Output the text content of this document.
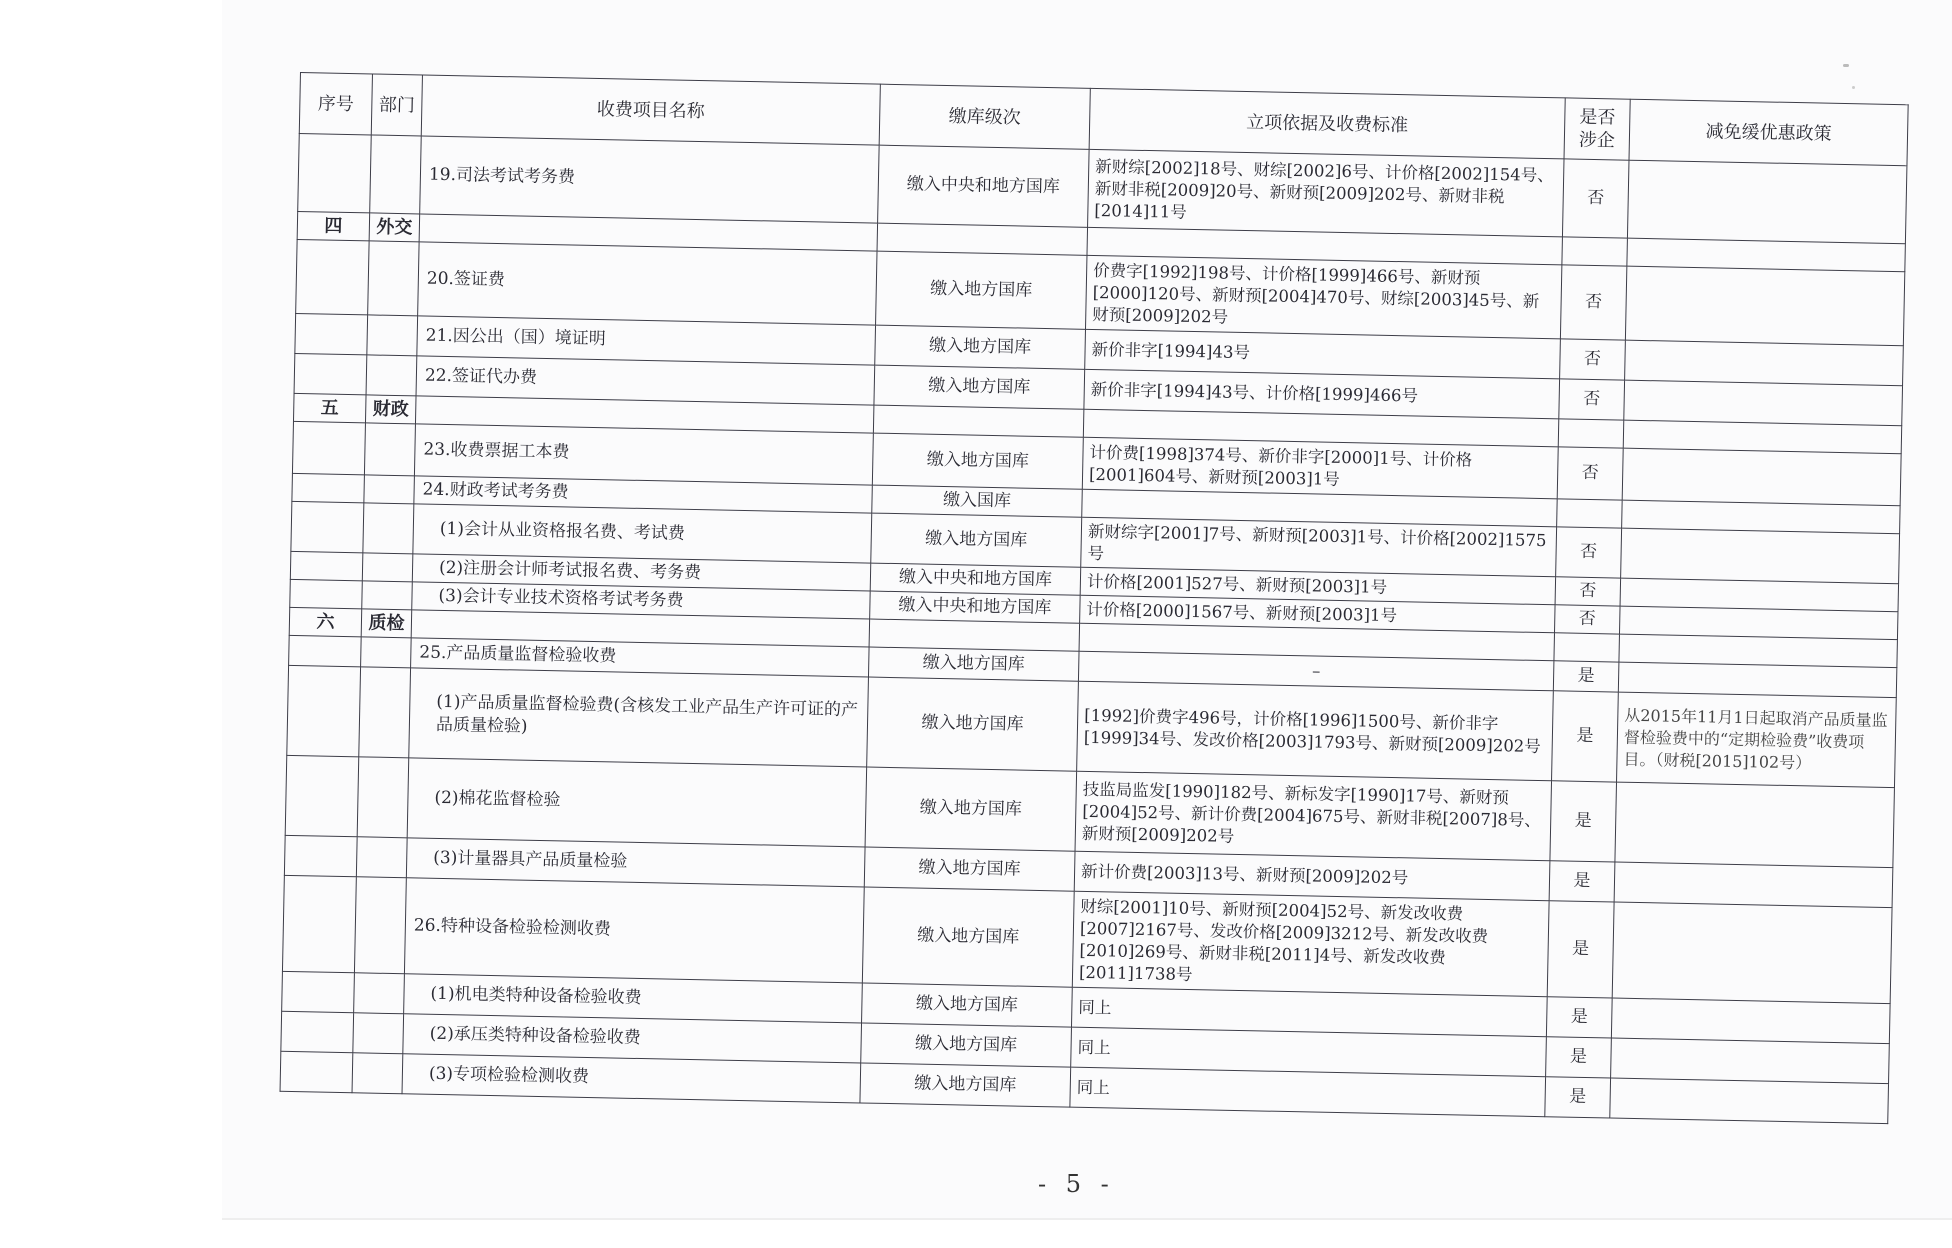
序号	部门	收费项目名称	缴库级次	立项依据及收费标准	是否涉企	减免缓优惠政策
		19.司法考试考务费	缴入中央和地方国库	新财综[2002]18号、财综[2002]6号、计价格[2002]154号、新财非税[2009]20号、新财预[2009]202号、新财非税[2014]11号	否	
四	外交					
		20.签证费	缴入地方国库	价费字[1992]198号、计价格[1999]466号、新财预[2000]120号、新财预[2004]470号、财综[2003]45号、新财预[2009]202号	否	
		21.因公出（国）境证明	缴入地方国库	新价非字[1994]43号	否	
		22.签证代办费	缴入地方国库	新价非字[1994]43号、计价格[1999]466号	否	
五	财政					
		23.收费票据工本费	缴入地方国库	计价费[1998]374号、新价非字[2000]1号、计价格[2001]604号、新财预[2003]1号	否	
		24.财政考试考务费	缴入国库			
		(1)会计从业资格报名费、考试费	缴入地方国库	新财综字[2001]7号、新财预[2003]1号、计价格[2002]1575号	否	
		(2)注册会计师考试报名费、考务费	缴入中央和地方国库	计价格[2001]527号、新财预[2003]1号	否	
		(3)会计专业技术资格考试考务费	缴入中央和地方国库	计价格[2000]1567号、新财预[2003]1号	否	
六	质检					
		25.产品质量监督检验收费	缴入地方国库	–	是	
		(1)产品质量监督检验费(含核发工业产品生产许可证的产品质量检验)	缴入地方国库	[1992]价费字496号，计价格[1996]1500号、新价非字[1999]34号、发改价格[2003]1793号、新财预[2009]202号	是	从2015年11月1日起取消产品质量监督检验费中的“定期检验费”收费项目。（财税[2015]102号）
		(2)棉花监督检验	缴入地方国库	技监局监发[1990]182号、新标发字[1990]17号、新财预[2004]52号、新计价费[2004]675号、新财非税[2007]8号、新财预[2009]202号	是	
		(3)计量器具产品质量检验	缴入地方国库	新计价费[2003]13号、新财预[2009]202号	是	
		26.特种设备检验检测收费	缴入地方国库	财综[2001]10号、新财预[2004]52号、新发改收费[2007]2167号、发改价格[2009]3212号、新发改收费[2010]269号、新财非税[2011]4号、新发改收费[2011]1738号	是	
		(1)机电类特种设备检验收费	缴入地方国库	同上	是	
		(2)承压类特种设备检验收费	缴入地方国库	同上	是	
		(3)专项检验检测收费	缴入地方国库	同上	是	
- 5 -
